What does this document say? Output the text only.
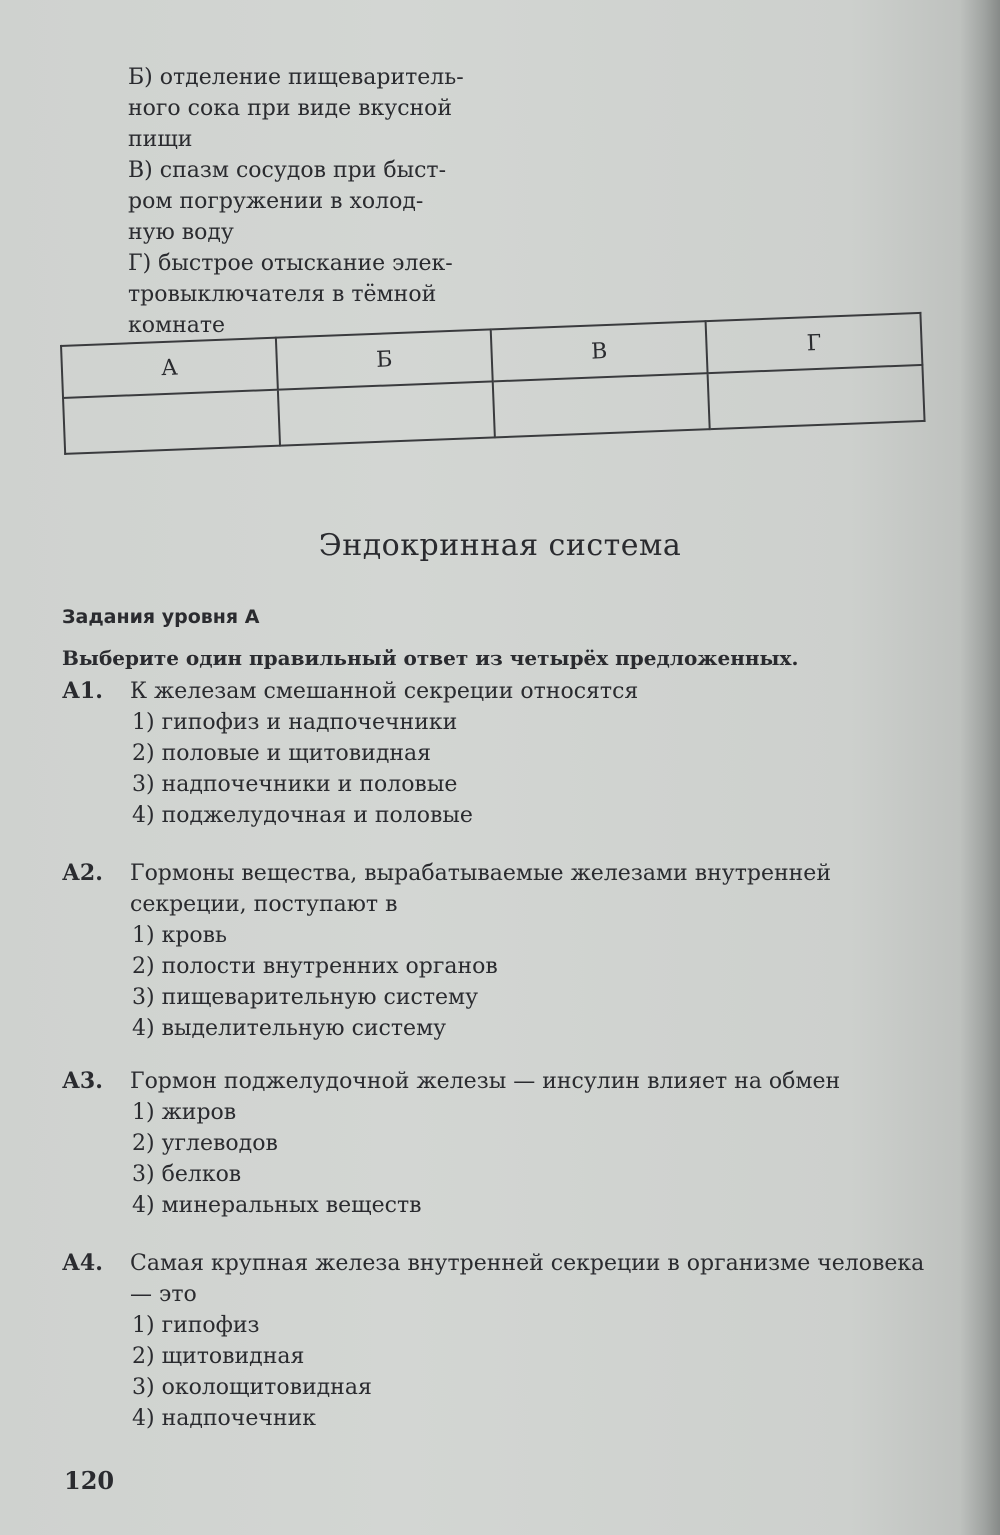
Б) отделение пищеваритель-
ного сока при виде вкусной
пищи
В) спазм сосудов при быст-
ром погружении в холод-
ную воду
Г) быстрое отыскание элек-
тровыключателя в тёмной
комнате
А	Б	В	Г

Эндокринная система
Задания уровня А
Выберите один правильный ответ из четырёх предложенных.
А1. К железам смешанной секреции относятся
1) гипофиз и надпочечники
2) половые и щитовидная
3) надпочечники и половые
4) поджелудочная и половые
А2. Гормоны вещества, вырабатываемые железами внутренней секреции, поступают в
1) кровь
2) полости внутренних органов
3) пищеварительную систему
4) выделительную систему
А3. Гормон поджелудочной железы — инсулин влияет на обмен
1) жиров
2) углеводов
3) белков
4) минеральных веществ
А4. Самая крупная железа внутренней секреции в организме человека — это
1) гипофиз
2) щитовидная
3) околощитовидная
4) надпочечник
120
